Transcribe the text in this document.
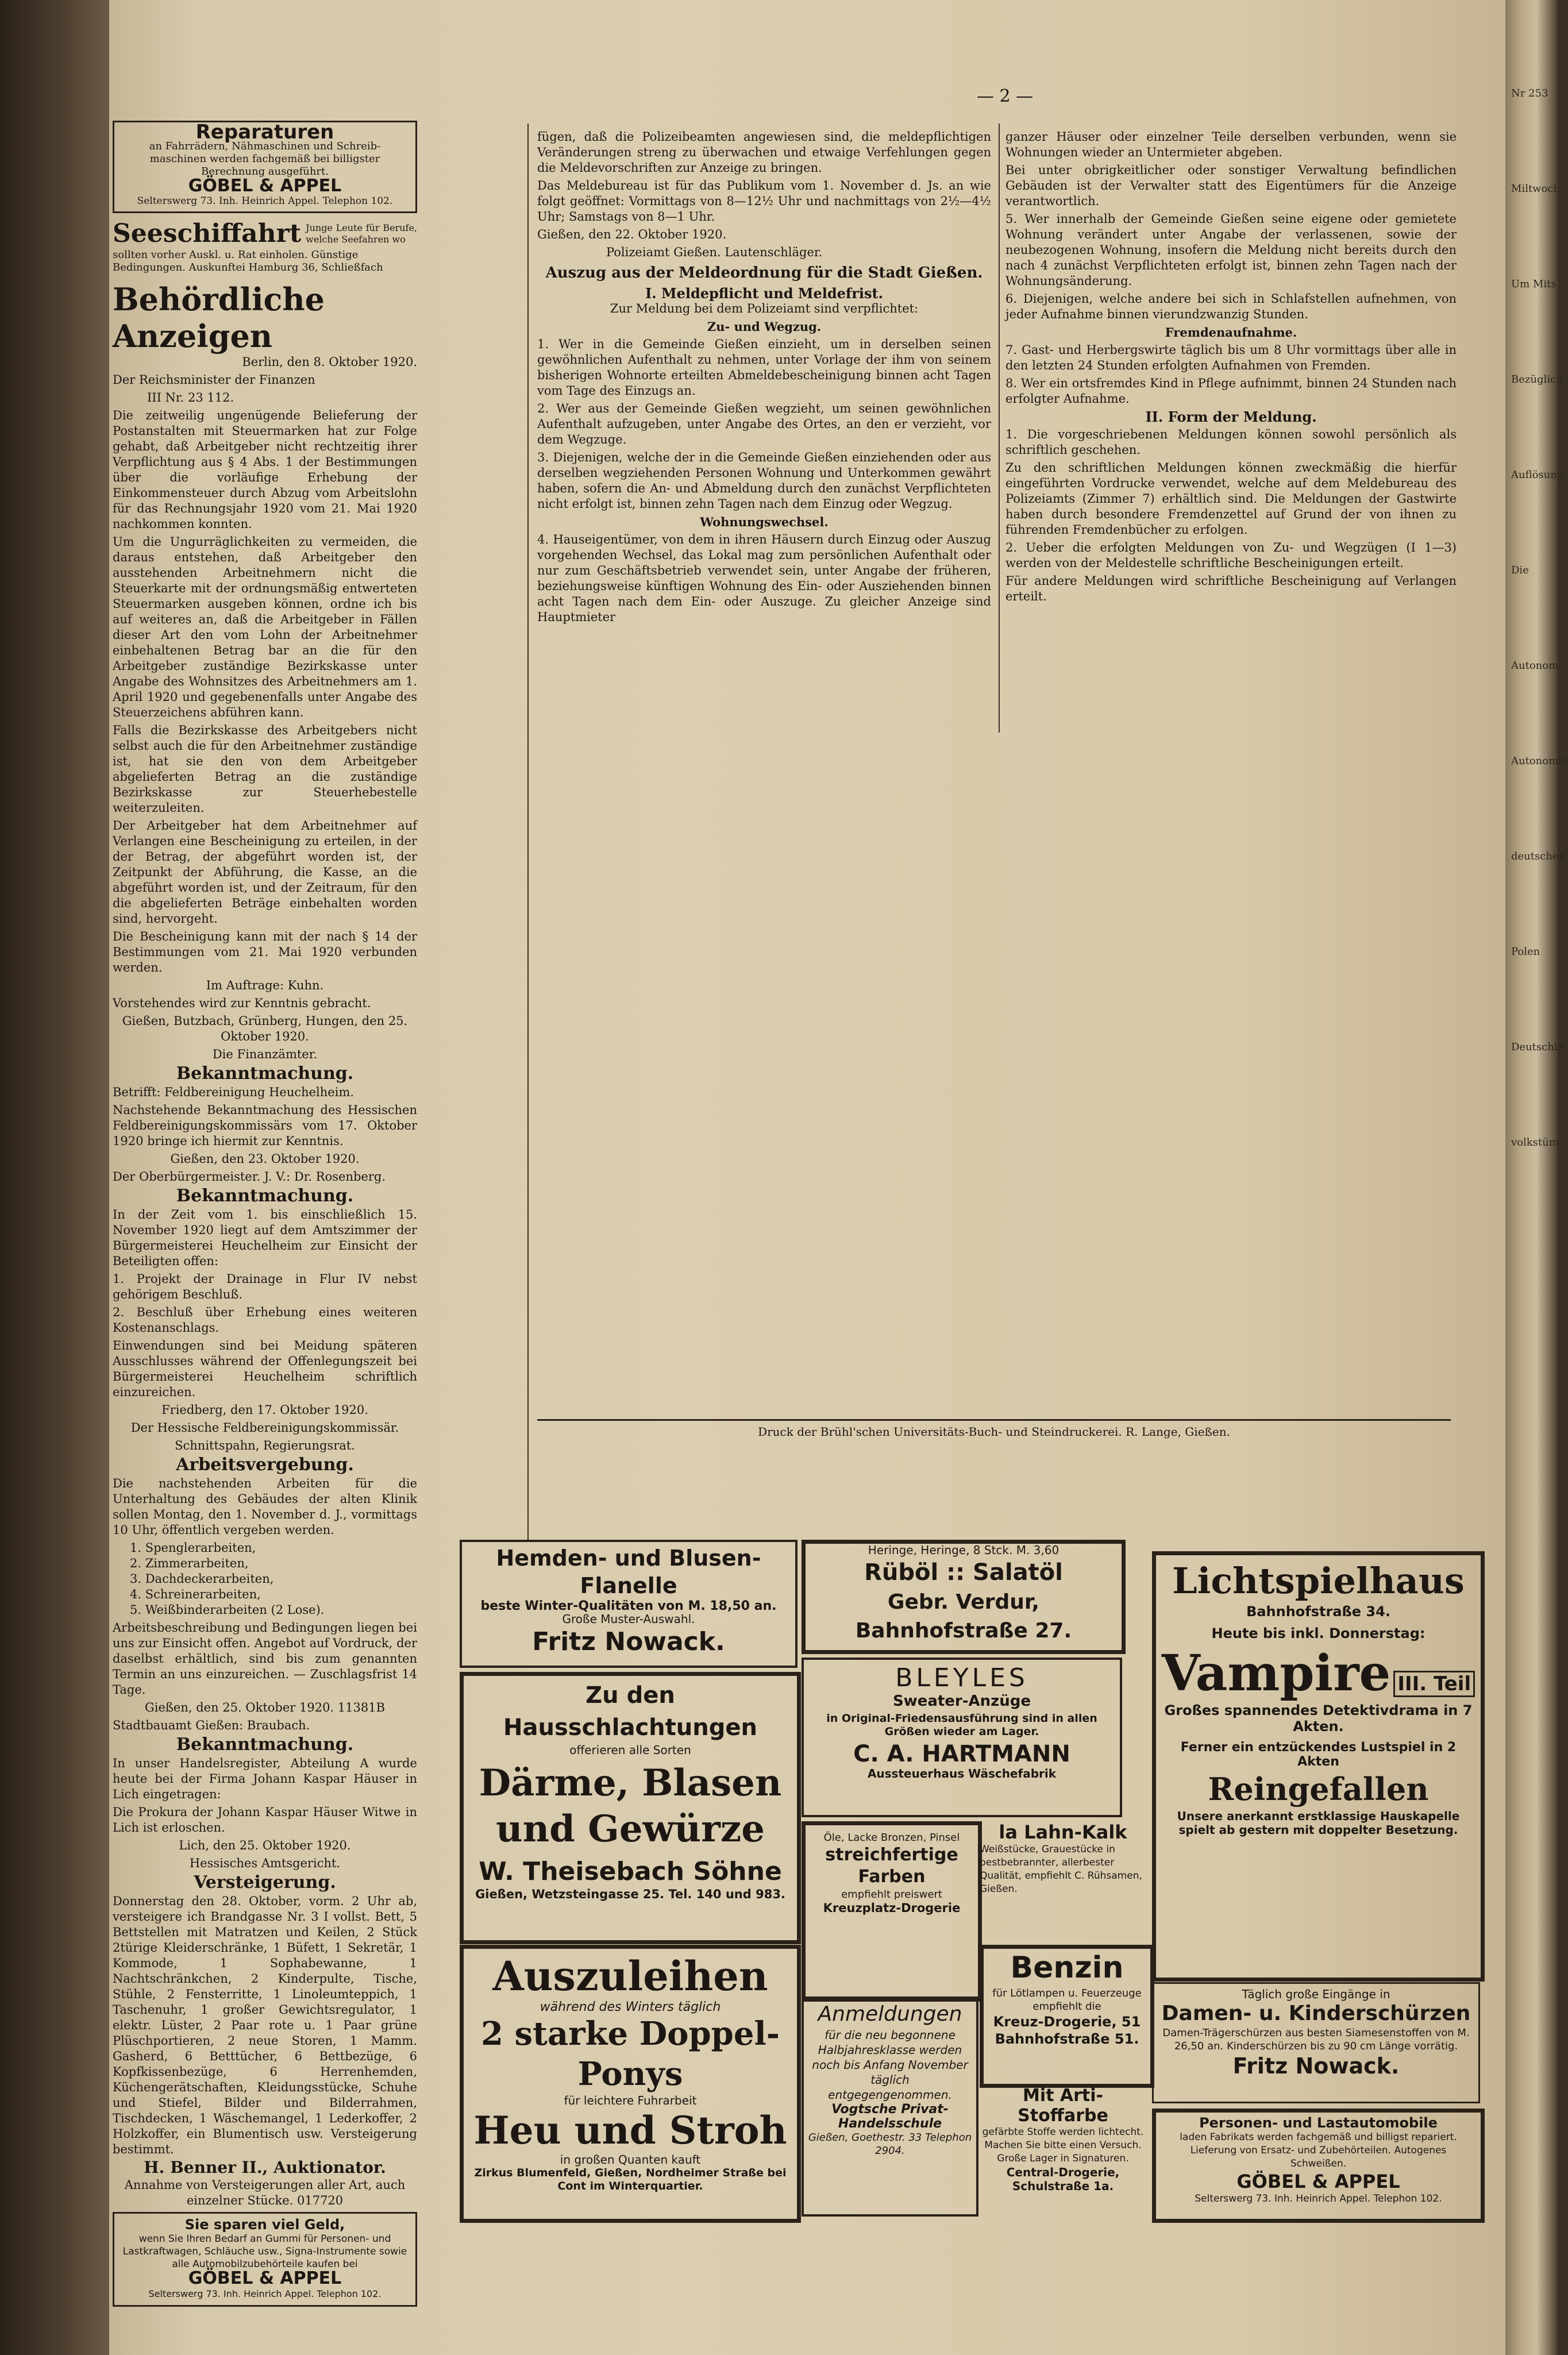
Nr 253
Miltwoch
Um Mits
Bezüglich
Auflösung
Die
Autonomi
Autonomie
deutschen
Polen
Deutschla
volkstüm
— 2 —
Reparaturen
an Fahrrädern, Nähmaschinen und Schreib-
maschinen werden fachgemäß bei billigster
Berechnung ausgeführt.
GÖBEL & APPEL
Selterswerg 73. Inh. Heinrich Appel. Telephon 102.
Seeschiffahrt Junge Leute für Berufe, welche Seefahren wo
sollten vorher Auskl. u. Rat einholen. Günstige
Bedingungen. Auskunftei Hamburg 36, Schließfach
Behördliche Anzeigen

Berlin, den 8. Oktober 1920.

Der Reichsminister der Finanzen

III Nr. 23 112.

Die zeitweilig ungenügende Belieferung der Postanstalten mit Steuermarken hat zur Folge gehabt, daß Arbeitgeber nicht rechtzeitig ihrer Verpflichtung aus § 4 Abs. 1 der Bestimmungen über die vorläufige Erhebung der Einkommensteuer durch Abzug vom Arbeitslohn für das Rechnungsjahr 1920 vom 21. Mai 1920 nachkommen konnten.

Um die Ungurräglichkeiten zu vermeiden, die daraus entstehen, daß Arbeitgeber den ausstehenden Arbeitnehmern nicht die Steuerkarte mit der ordnungsmäßig entwerteten Steuermarken ausgeben können, ordne ich bis auf weiteres an, daß die Arbeitgeber in Fällen dieser Art den vom Lohn der Arbeitnehmer einbehaltenen Betrag bar an die für den Arbeitgeber zuständige Bezirkskasse unter Angabe des Wohnsitzes des Arbeitnehmers am 1. April 1920 und gegebenenfalls unter Angabe des Steuerzeichens abführen kann.

Falls die Bezirkskasse des Arbeitgebers nicht selbst auch die für den Arbeitnehmer zuständige ist, hat sie den von dem Arbeitgeber abgelieferten Betrag an die zuständige Bezirkskasse zur Steuerhebestelle weiterzuleiten.

Der Arbeitgeber hat dem Arbeitnehmer auf Verlangen eine Bescheinigung zu erteilen, in der der Betrag, der abgeführt worden ist, der Zeitpunkt der Abführung, die Kasse, an die abgeführt worden ist, und der Zeitraum, für den die abgelieferten Beträge einbehalten worden sind, hervorgeht.

Die Bescheinigung kann mit der nach § 14 der Bestimmungen vom 21. Mai 1920 verbunden werden.

Im Auftrage: Kuhn.

Vorstehendes wird zur Kenntnis gebracht.

Gießen, Butzbach, Grünberg, Hungen, den 25. Oktober 1920.

Die Finanzämter.

Bekanntmachung.

Betrifft: Feldbereinigung Heuchelheim.

Nachstehende Bekanntmachung des Hessischen Feldbereinigungskommissärs vom 17. Oktober 1920 bringe ich hiermit zur Kenntnis.

Gießen, den 23. Oktober 1920.

Der Oberbürgermeister. J. V.: Dr. Rosenberg.

Bekanntmachung.

In der Zeit vom 1. bis einschließlich 15. November 1920 liegt auf dem Amtszimmer der Bürgermeisterei Heuchelheim zur Einsicht der Beteiligten offen:

1. Projekt der Drainage in Flur IV nebst gehörigem Beschluß.

2. Beschluß über Erhebung eines weiteren Kostenanschlags.

Einwendungen sind bei Meidung späteren Ausschlusses während der Offenlegungszeit bei Bürgermeisterei Heuchelheim schriftlich einzureichen.

Friedberg, den 17. Oktober 1920.

Der Hessische Feldbereinigungskommissär.

Schnittspahn, Regierungsrat.

Arbeitsvergebung.

Die nachstehenden Arbeiten für die Unterhaltung des Gebäudes der alten Klinik sollen Montag, den 1. November d. J., vormittags 10 Uhr, öffentlich vergeben werden.

1. Spenglerarbeiten,

2. Zimmerarbeiten,

3. Dachdeckerarbeiten,

4. Schreinerarbeiten,

5. Weißbinderarbeiten (2 Lose).

Arbeitsbeschreibung und Bedingungen liegen bei uns zur Einsicht offen. Angebot auf Vordruck, der daselbst erhältlich, sind bis zum genannten Termin an uns einzureichen. — Zuschlagsfrist 14 Tage.

Gießen, den 25. Oktober 1920. 11381B

Stadtbauamt Gießen: Braubach.

Bekanntmachung.

In unser Handelsregister, Abteilung A wurde heute bei der Firma Johann Kaspar Häuser in Lich eingetragen:

Die Prokura der Johann Kaspar Häuser Witwe in Lich ist erloschen.

Lich, den 25. Oktober 1920.

Hessisches Amtsgericht.

Versteigerung.

Donnerstag den 28. Oktober, vorm. 2 Uhr ab, versteigere ich Brandgasse Nr. 3 I vollst. Bett, 5 Bettstellen mit Matratzen und Keilen, 2 Stück 2türige Kleiderschränke, 1 Büfett, 1 Sekretär, 1 Kommode, 1 Sophabewanne, 1 Nachtschränkchen, 2 Kinderpulte, Tische, Stühle, 2 Fensterritte, 1 Linoleumteppich, 1 Taschenuhr, 1 großer Gewichtsregulator, 1 elektr. Lüster, 2 Paar rote u. 1 Paar grüne Plüschportieren, 2 neue Storen, 1 Mamm. Gasherd, 6 Betttücher, 6 Bettbezüge, 6 Kopfkissenbezüge, 6 Herrenhemden, Küchengerätschaften, Kleidungsstücke, Schuhe und Stiefel, Bilder und Bilderrahmen, Tischdecken, 1 Wäschemangel, 1 Lederkoffer, 2 Holzkoffer, ein Blumentisch usw. Versteigerung bestimmt.

H. Benner II., Auktionator.

Annahme von Versteigerungen aller Art, auch einzelner Stücke. 017720

Sie sparen viel Geld,
wenn Sie Ihren Bedarf an Gummi für Personen- und Lastkraftwagen, Schläuche usw., Signa-Instrumente sowie alle Automobilzubehörteile kaufen bei
GÖBEL & APPEL
Selterswerg 73. Inh. Heinrich Appel. Telephon 102.

fügen, daß die Polizeibeamten angewiesen sind, die meldepflichtigen Veränderungen streng zu überwachen und etwaige Verfehlungen gegen die Meldevorschriften zur Anzeige zu bringen.

Das Meldebureau ist für das Publikum vom 1. November d. Js. an wie folgt geöffnet: Vormittags von 8—12½ Uhr und nachmittags von 2½—4½ Uhr; Samstags von 8—1 Uhr.

Gießen, den 22. Oktober 1920.

Polizeiamt Gießen. Lautenschläger.

Auszug aus der Meldeordnung für die Stadt Gießen.
I. Meldepflicht und Meldefrist.

Zur Meldung bei dem Polizeiamt sind verpflichtet:

Zu- und Wegzug.

1. Wer in die Gemeinde Gießen einzieht, um in derselben seinen gewöhnlichen Aufenthalt zu nehmen, unter Vorlage der ihm von seinem bisherigen Wohnorte erteilten Abmeldebescheinigung binnen acht Tagen vom Tage des Einzugs an.

2. Wer aus der Gemeinde Gießen wegzieht, um seinen gewöhnlichen Aufenthalt aufzugeben, unter Angabe des Ortes, an den er verzieht, vor dem Wegzuge.

3. Diejenigen, welche der in die Gemeinde Gießen einziehenden oder aus derselben wegziehenden Personen Wohnung und Unterkommen gewährt haben, sofern die An- und Abmeldung durch den zunächst Verpflichteten nicht erfolgt ist, binnen zehn Tagen nach dem Einzug oder Wegzug.

Wohnungswechsel.

4. Hauseigentümer, von dem in ihren Häusern durch Einzug oder Auszug vorgehenden Wechsel, das Lokal mag zum persönlichen Aufenthalt oder nur zum Geschäftsbetrieb verwendet sein, unter Angabe der früheren, beziehungsweise künftigen Wohnung des Ein- oder Ausziehenden binnen acht Tagen nach dem Ein- oder Auszuge. Zu gleicher Anzeige sind Hauptmieter

ganzer Häuser oder einzelner Teile derselben verbunden, wenn sie Wohnungen wieder an Untermieter abgeben.

Bei unter obrigkeitlicher oder sonstiger Verwaltung befindlichen Gebäuden ist der Verwalter statt des Eigentümers für die Anzeige verantwortlich.

5. Wer innerhalb der Gemeinde Gießen seine eigene oder gemietete Wohnung verändert unter Angabe der verlassenen, sowie der neubezogenen Wohnung, insofern die Meldung nicht bereits durch den nach 4 zunächst Verpflichteten erfolgt ist, binnen zehn Tagen nach der Wohnungsänderung.

6. Diejenigen, welche andere bei sich in Schlafstellen aufnehmen, von jeder Aufnahme binnen vierundzwanzig Stunden.

Fremdenaufnahme.

7. Gast- und Herbergswirte täglich bis um 8 Uhr vormittags über alle in den letzten 24 Stunden erfolgten Aufnahmen von Fremden.

8. Wer ein ortsfremdes Kind in Pflege aufnimmt, binnen 24 Stunden nach erfolgter Aufnahme.

II. Form der Meldung.

1. Die vorgeschriebenen Meldungen können sowohl persönlich als schriftlich geschehen.

Zu den schriftlichen Meldungen können zweckmäßig die hierfür eingeführten Vordrucke verwendet, welche auf dem Meldebureau des Polizeiamts (Zimmer 7) erhältlich sind. Die Meldungen der Gastwirte haben durch besondere Fremdenzettel auf Grund der von ihnen zu führenden Fremdenbücher zu erfolgen.

2. Ueber die erfolgten Meldungen von Zu- und Wegzügen (I 1—3) werden von der Meldestelle schriftliche Bescheinigungen erteilt.

Für andere Meldungen wird schriftliche Bescheinigung auf Verlangen erteilt.

Druck der Brühl'schen Universitäts-Buch- und Steindruckerei. R. Lange, Gießen.
Hemden- und Blusen-Flanelle
beste Winter-Qualitäten von M. 18,50 an.
Große Muster-Auswahl.
Fritz Nowack.
Heringe, Heringe, 8 Stck. M. 3,60
Rüböl :: Salatöl
Gebr. Verdur, Bahnhofstraße 27.
BLEYLES
Sweater-Anzüge
in Original-Friedensausführung sind in allen Größen wieder am Lager.
C. A. HARTMANN
Aussteuerhaus Wäschefabrik
Zu den Hausschlachtungen
offerieren alle Sorten
Därme, Blasen und Gewürze
W. Theisebach Söhne
Gießen, Wetzsteingasse 25. Tel. 140 und 983.
Öle, Lacke Bronzen, Pinsel
streichfertige Farben
empfiehlt preiswert
Kreuzplatz-Drogerie
la Lahn-Kalk
Weißstücke, Grauestücke in bestbebrannter, allerbester Qualität, empfiehlt C. Rühsamen, Gießen.
Benzin
für Lötlampen u. Feuerzeuge empfiehlt die
Kreuz-Drogerie, 51 Bahnhofstraße 51.
Anmeldungen
für die neu begonnene Halbjahresklasse werden noch bis Anfang November täglich entgegengenommen.
Vogtsche Privat-Handelsschule
Gießen, Goethestr. 33 Telephon 2904.
Mit Arti-Stoffarbe
gefärbte Stoffe werden lichtecht. Machen Sie bitte einen Versuch. Große Lager in Signaturen.
Central-Drogerie, Schulstraße 1a.
Auszuleihen
während des Winters täglich
2 starke Doppel-Ponys
für leichtere Fuhrarbeit
Heu und Stroh
in großen Quanten kauft
Zirkus Blumenfeld, Gießen, Nordheimer Straße bei Cont im Winterquartier.
Lichtspielhaus
Bahnhofstraße 34.
Heute bis inkl. Donnerstag:
Vampire III. Teil
Großes spannendes Detektivdrama in 7 Akten.
Ferner ein entzückendes Lustspiel in 2 Akten
Reingefallen
Unsere anerkannt erstklassige Hauskapelle spielt ab gestern mit doppelter Besetzung.
Täglich große Eingänge in
Damen- u. Kinderschürzen
Damen-Trägerschürzen aus besten Siamesenstoffen von M. 26,50 an. Kinderschürzen bis zu 90 cm Länge vorrätig.
Fritz Nowack.
Personen- und Lastautomobile
laden Fabrikats werden fachgemäß und billigst repariert. Lieferung von Ersatz- und Zubehörteilen. Autogenes Schweißen.
GÖBEL & APPEL
Selterswerg 73. Inh. Heinrich Appel. Telephon 102.
